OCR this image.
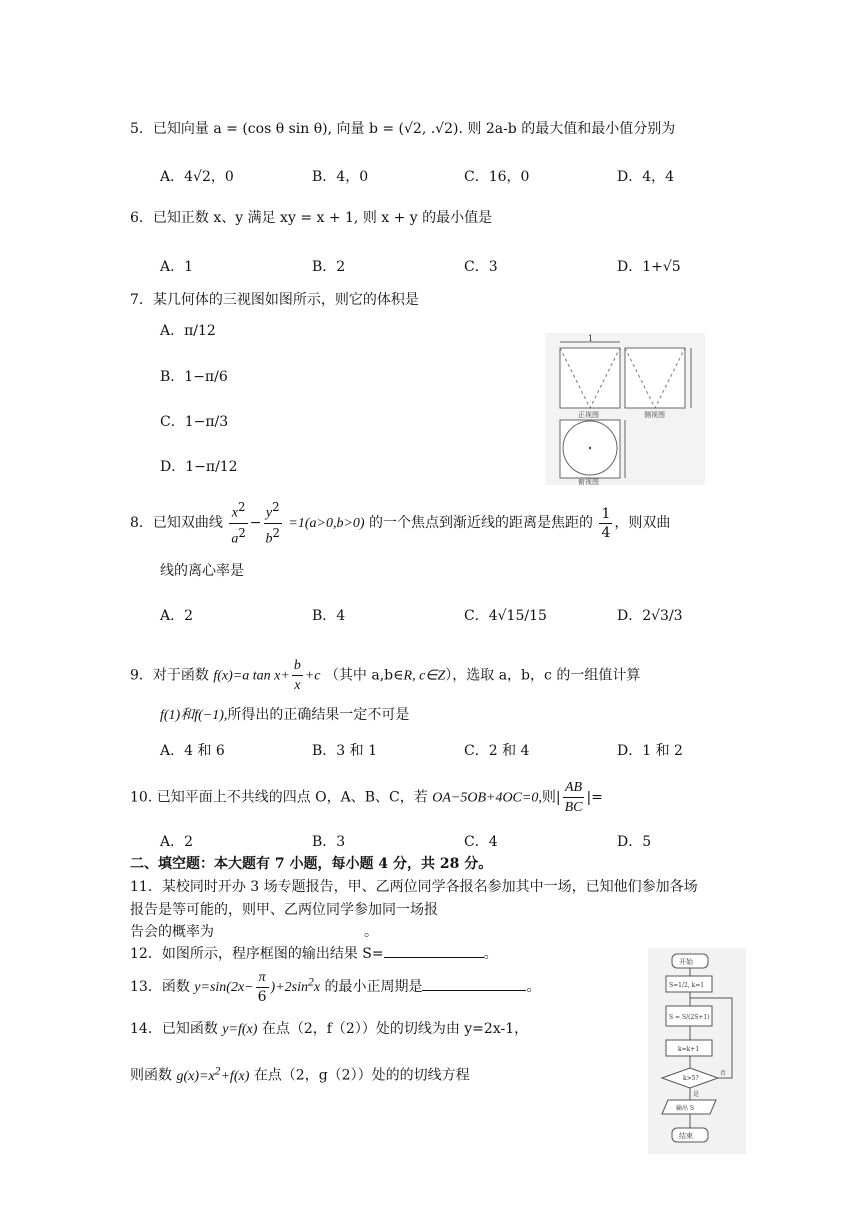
5．已知向量 a = (cos θ sin θ), 向量 b = (√2, .√2). 则 2a-b 的最大值和最小值分别为
A．4√2，0	B．4，0	C．16，0	D．4，4
6．已知正数 x、y 满足 xy = x + 1, 则 x + y 的最小值是
A．1	B．2	C．3	D．1+√5
7．某几何体的三视图如图所示，则它的体积是
A．π/12
B．1−π/6
C．1−π/3
D．1−π/12
1
正视图	侧视图
俯视图
8．已知双曲线 $\frac{x^2}{a^2} - \frac{y^2}{b^2} =1(a>0,b>0)$ 的一个焦点到渐近线的距离是焦距的 $\frac{1}{4}$ ，则双曲
线的离心率是
A．2	B．4	C．4√15/15	D．2√3/3
9．对于函数 f(x)=a $\tan x+ \frac{b}{x} +c$ （其中 a,b∈R, c∈Z），选取 a，b，c 的一组值计算
f(1)和f(−1),所得出的正确结果一定不可是
A．4 和 6	B．3 和 1	C．2 和 4	D．1 和 2
10. 已知平面上不共线的四点 O，A、B、C，若 OA−5OB+4OC=0,则| $\frac{AB}{BC}$ |=
A．2	B．3	C．4	D．5
二、填空题：本大题有 7 小题，每小题 4 分，共 28 分。
11．某校同时开办 3 场专题报告，甲、乙两位同学各报名参加其中一场，已知他们参加各场
报告是等可能的，则甲、乙两位同学参加同一场报
告会的概率为	。
12．如图所示，程序框图的输出结果 S=	。
13．函数 $y=\sin(2x- \frac{\pi}{6} )+2\sin^2x$ 的最小正周期是	。
14．已知函数 y=f(x) 在点（2，f（2））处的切线为由 y=2x-1，
则函数 $g(x)=x^2+f(x)$ 在点（2，g（2））处的的切线方程
开始
S=1/2, k=1
S = S/(2S+1)
k=k+1
k>5?
否
是
输出 S
结束
